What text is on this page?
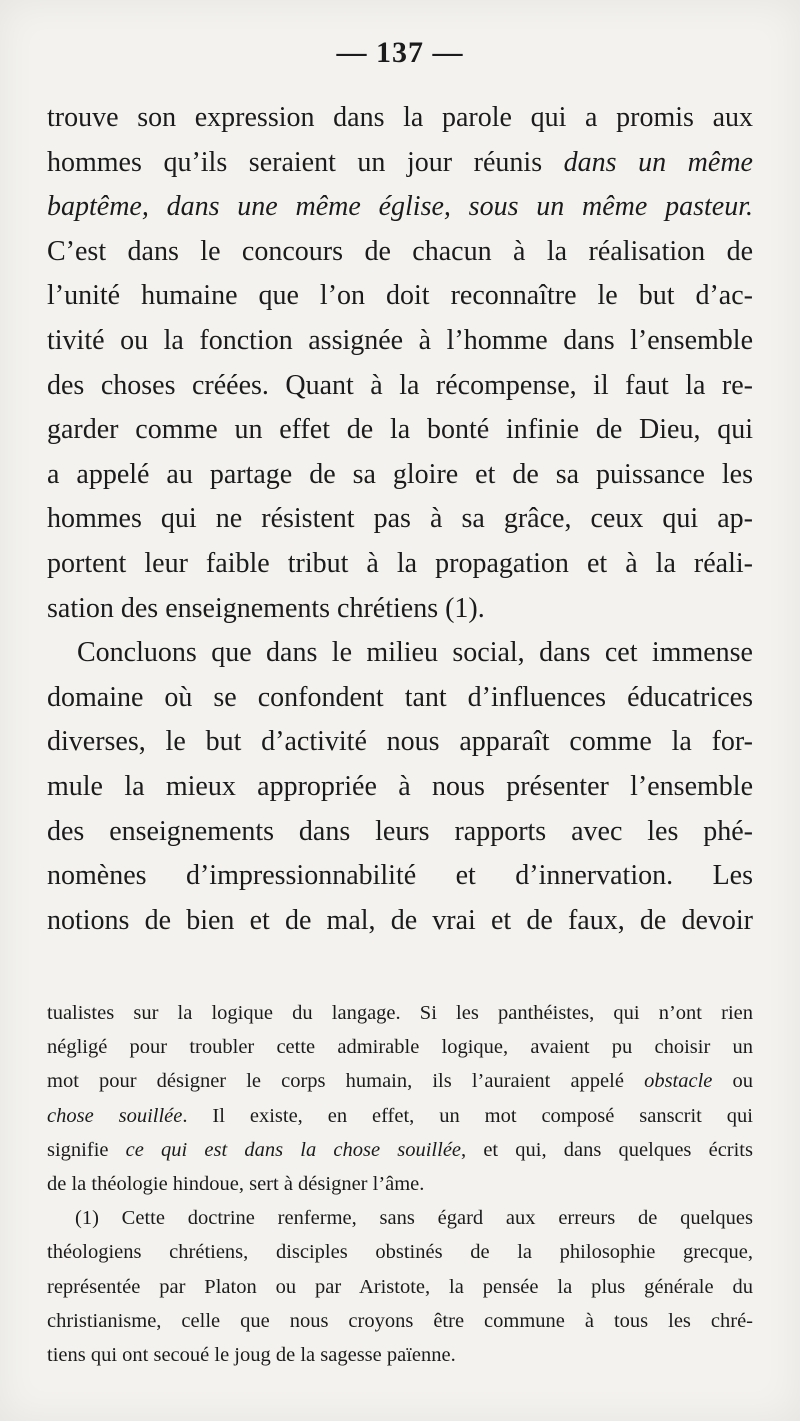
— 137 —
trouve son expression dans la parole qui a promis aux
hommes qu’ils seraient un jour réunis dans un même
baptême, dans une même église, sous un même pasteur.
C’est dans le concours de chacun à la réalisation de
l’unité humaine que l’on doit reconnaître le but d’ac-
tivité ou la fonction assignée à l’homme dans l’ensemble
des choses créées. Quant à la récompense, il faut la re-
garder comme un effet de la bonté infinie de Dieu, qui
a appelé au partage de sa gloire et de sa puissance les
hommes qui ne résistent pas à sa grâce, ceux qui ap-
portent leur faible tribut à la propagation et à la réali-
sation des enseignements chrétiens (1).
Concluons que dans le milieu social, dans cet immense
domaine où se confondent tant d’influences éducatrices
diverses, le but d’activité nous apparaît comme la for-
mule la mieux appropriée à nous présenter l’ensemble
des enseignements dans leurs rapports avec les phé-
nomènes d’impressionnabilité et d’innervation. Les
notions de bien et de mal, de vrai et de faux, de devoir
tualistes sur la logique du langage. Si les panthéistes, qui n’ont rien
négligé pour troubler cette admirable logique, avaient pu choisir un
mot pour désigner le corps humain, ils l’auraient appelé obstacle ou
chose souillée. Il existe, en effet, un mot composé sanscrit qui
signifie ce qui est dans la chose souillée, et qui, dans quelques écrits
de la théologie hindoue, sert à désigner l’âme.
(1) Cette doctrine renferme, sans égard aux erreurs de quelques
théologiens chrétiens, disciples obstinés de la philosophie grecque,
représentée par Platon ou par Aristote, la pensée la plus générale du
christianisme, celle que nous croyons être commune à tous les chré-
tiens qui ont secoué le joug de la sagesse païenne.
